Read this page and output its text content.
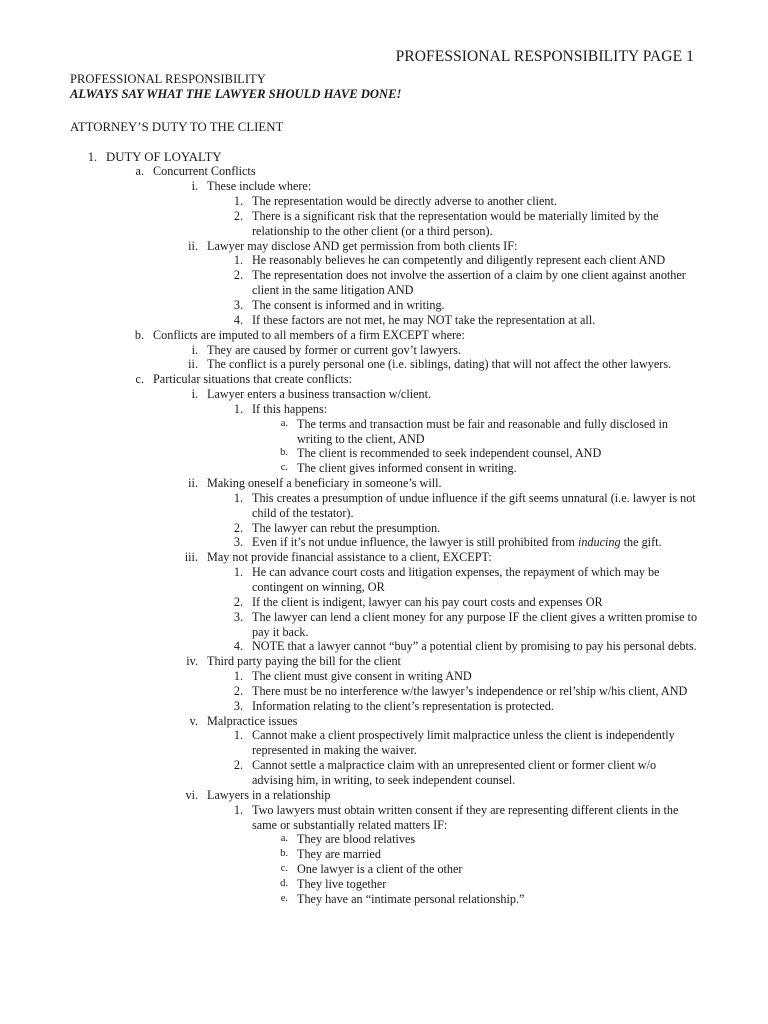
PROFESSIONAL RESPONSIBILITY PAGE 1
PROFESSIONAL RESPONSIBILITY
ALWAYS SAY WHAT THE LAWYER SHOULD HAVE DONE!
ATTORNEY’S DUTY TO THE CLIENT
1. DUTY OF LOYALTY
a. Concurrent Conflicts
i. These include where:
1. The representation would be directly adverse to another client.
2. There is a significant risk that the representation would be materially limited by the relationship to the other client (or a third person).
ii. Lawyer may disclose AND get permission from both clients IF:
1. He reasonably believes he can competently and diligently represent each client AND
2. The representation does not involve the assertion of a claim by one client against another client in the same litigation AND
3. The consent is informed and in writing.
4. If these factors are not met, he may NOT take the representation at all.
b. Conflicts are imputed to all members of a firm EXCEPT where:
i. They are caused by former or current gov’t lawyers.
ii. The conflict is a purely personal one (i.e. siblings, dating) that will not affect the other lawyers.
c. Particular situations that create conflicts:
i. Lawyer enters a business transaction w/client.
1. If this happens:
a. The terms and transaction must be fair and reasonable and fully disclosed in writing to the client, AND
b. The client is recommended to seek independent counsel, AND
c. The client gives informed consent in writing.
ii. Making oneself a beneficiary in someone’s will.
1. This creates a presumption of undue influence if the gift seems unnatural (i.e. lawyer is not child of the testator).
2. The lawyer can rebut the presumption.
3. Even if it’s not undue influence, the lawyer is still prohibited from inducing the gift.
iii. May not provide financial assistance to a client, EXCEPT:
1. He can advance court costs and litigation expenses, the repayment of which may be contingent on winning, OR
2. If the client is indigent, lawyer can his pay court costs and expenses OR
3. The lawyer can lend a client money for any purpose IF the client gives a written promise to pay it back.
4. NOTE that a lawyer cannot “buy” a potential client by promising to pay his personal debts.
iv. Third party paying the bill for the client
1. The client must give consent in writing AND
2. There must be no interference w/the lawyer’s independence or rel’ship w/his client, AND
3. Information relating to the client’s representation is protected.
v. Malpractice issues
1. Cannot make a client prospectively limit malpractice unless the client is independently represented in making the waiver.
2. Cannot settle a malpractice claim with an unrepresented client or former client w/o advising him, in writing, to seek independent counsel.
vi. Lawyers in a relationship
1. Two lawyers must obtain written consent if they are representing different clients in the same or substantially related matters IF:
a. They are blood relatives
b. They are married
c. One lawyer is a client of the other
d. They live together
e. They have an “intimate personal relationship.”
